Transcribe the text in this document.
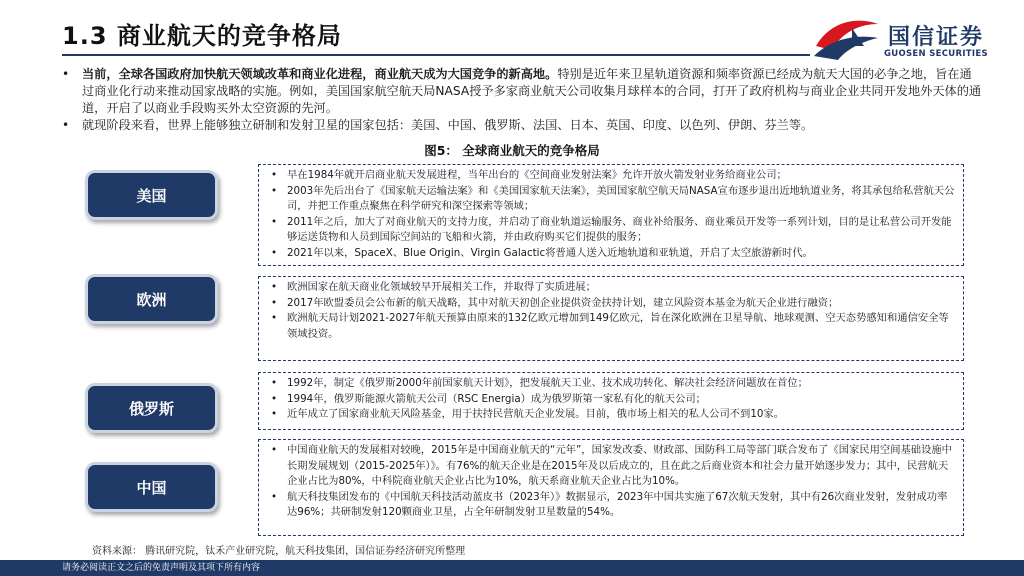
1.3 商业航天的竞争格局	国信证券
GUOSEN SECURITIES
• 当前，全球各国政府加快航天领域改革和商业化进程，商业航天成为大国竞争的新高地。特别是近年来卫星轨道资源和频率资源已经成为航天大国的必争之地，旨在通过商业化行动来推动国家战略的实施。例如，美国国家航空航天局NASA授予多家商业航天公司收集月球样本的合同，打开了政府机构与商业企业共同开发地外天体的通道，开启了以商业手段购买外太空资源的先河。
• 就现阶段来看，世界上能够独立研制和发射卫星的国家包括：美国、中国、俄罗斯、法国、日本、英国、印度、以色列、伊朗、芬兰等。
图5： 全球商业航天的竞争格局
美国
• 早在1984年就开启商业航天发展进程，当年出台的《空间商业发射法案》允许开放火箭发射业务给商业公司；
• 2003年先后出台了《国家航天运输法案》和《美国国家航天法案》，美国国家航空航天局NASA宣布逐步退出近地轨道业务，将其承包给私营航天公司，并把工作重点聚焦在科学研究和深空探索等领域；
• 2011年之后，加大了对商业航天的支持力度，并启动了商业轨道运输服务、商业补给服务、商业乘员开发等一系列计划，目的是让私营公司开发能够运送货物和人员到国际空间站的飞船和火箭，并由政府购买它们提供的服务；
• 2021年以来，SpaceX、Blue Origin、Virgin Galactic将普通人送入近地轨道和亚轨道，开启了太空旅游新时代。
欧洲
• 欧洲国家在航天商业化领域较早开展相关工作，并取得了实质进展；
• 2017年欧盟委员会公布新的航天战略，其中对航天初创企业提供资金扶持计划，建立风险资本基金为航天企业进行融资；
• 欧洲航天局计划2021-2027年航天预算由原来的132亿欧元增加到149亿欧元，旨在深化欧洲在卫星导航、地球观测、空天态势感知和通信安全等领域投资。
俄罗斯
• 1992年，制定《俄罗斯2000年前国家航天计划》，把发展航天工业、技术成功转化、解决社会经济问题放在首位；
• 1994年，俄罗斯能源火箭航天公司（RSC Energia）成为俄罗斯第一家私有化的航天公司；
• 近年成立了国家商业航天风险基金，用于扶持民营航天企业发展。目前，俄市场上相关的私人公司不到10家。
中国
• 中国商业航天的发展相对较晚，2015年是中国商业航天的“元年”，国家发改委、财政部、国防科工局等部门联合发布了《国家民用空间基础设施中长期发展规划（2015-2025年）》。有76%的航天企业是在2015年及以后成立的，且在此之后商业资本和社会力量开始逐步发力；其中，民营航天企业占比为80%，中科院商业航天企业占比为10%，航天系商业航天企业占比为10%。
• 航天科技集团发布的《中国航天科技活动蓝皮书（2023年）》数据显示，2023年中国共实施了67次航天发射，其中有26次商业发射，发射成功率达96%；共研制发射120颗商业卫星，占全年研制发射卫星数量的54%。
资料来源： 腾讯研究院，钛禾产业研究院，航天科技集团，国信证券经济研究所整理
请务必阅读正文之后的免责声明及其项下所有内容
